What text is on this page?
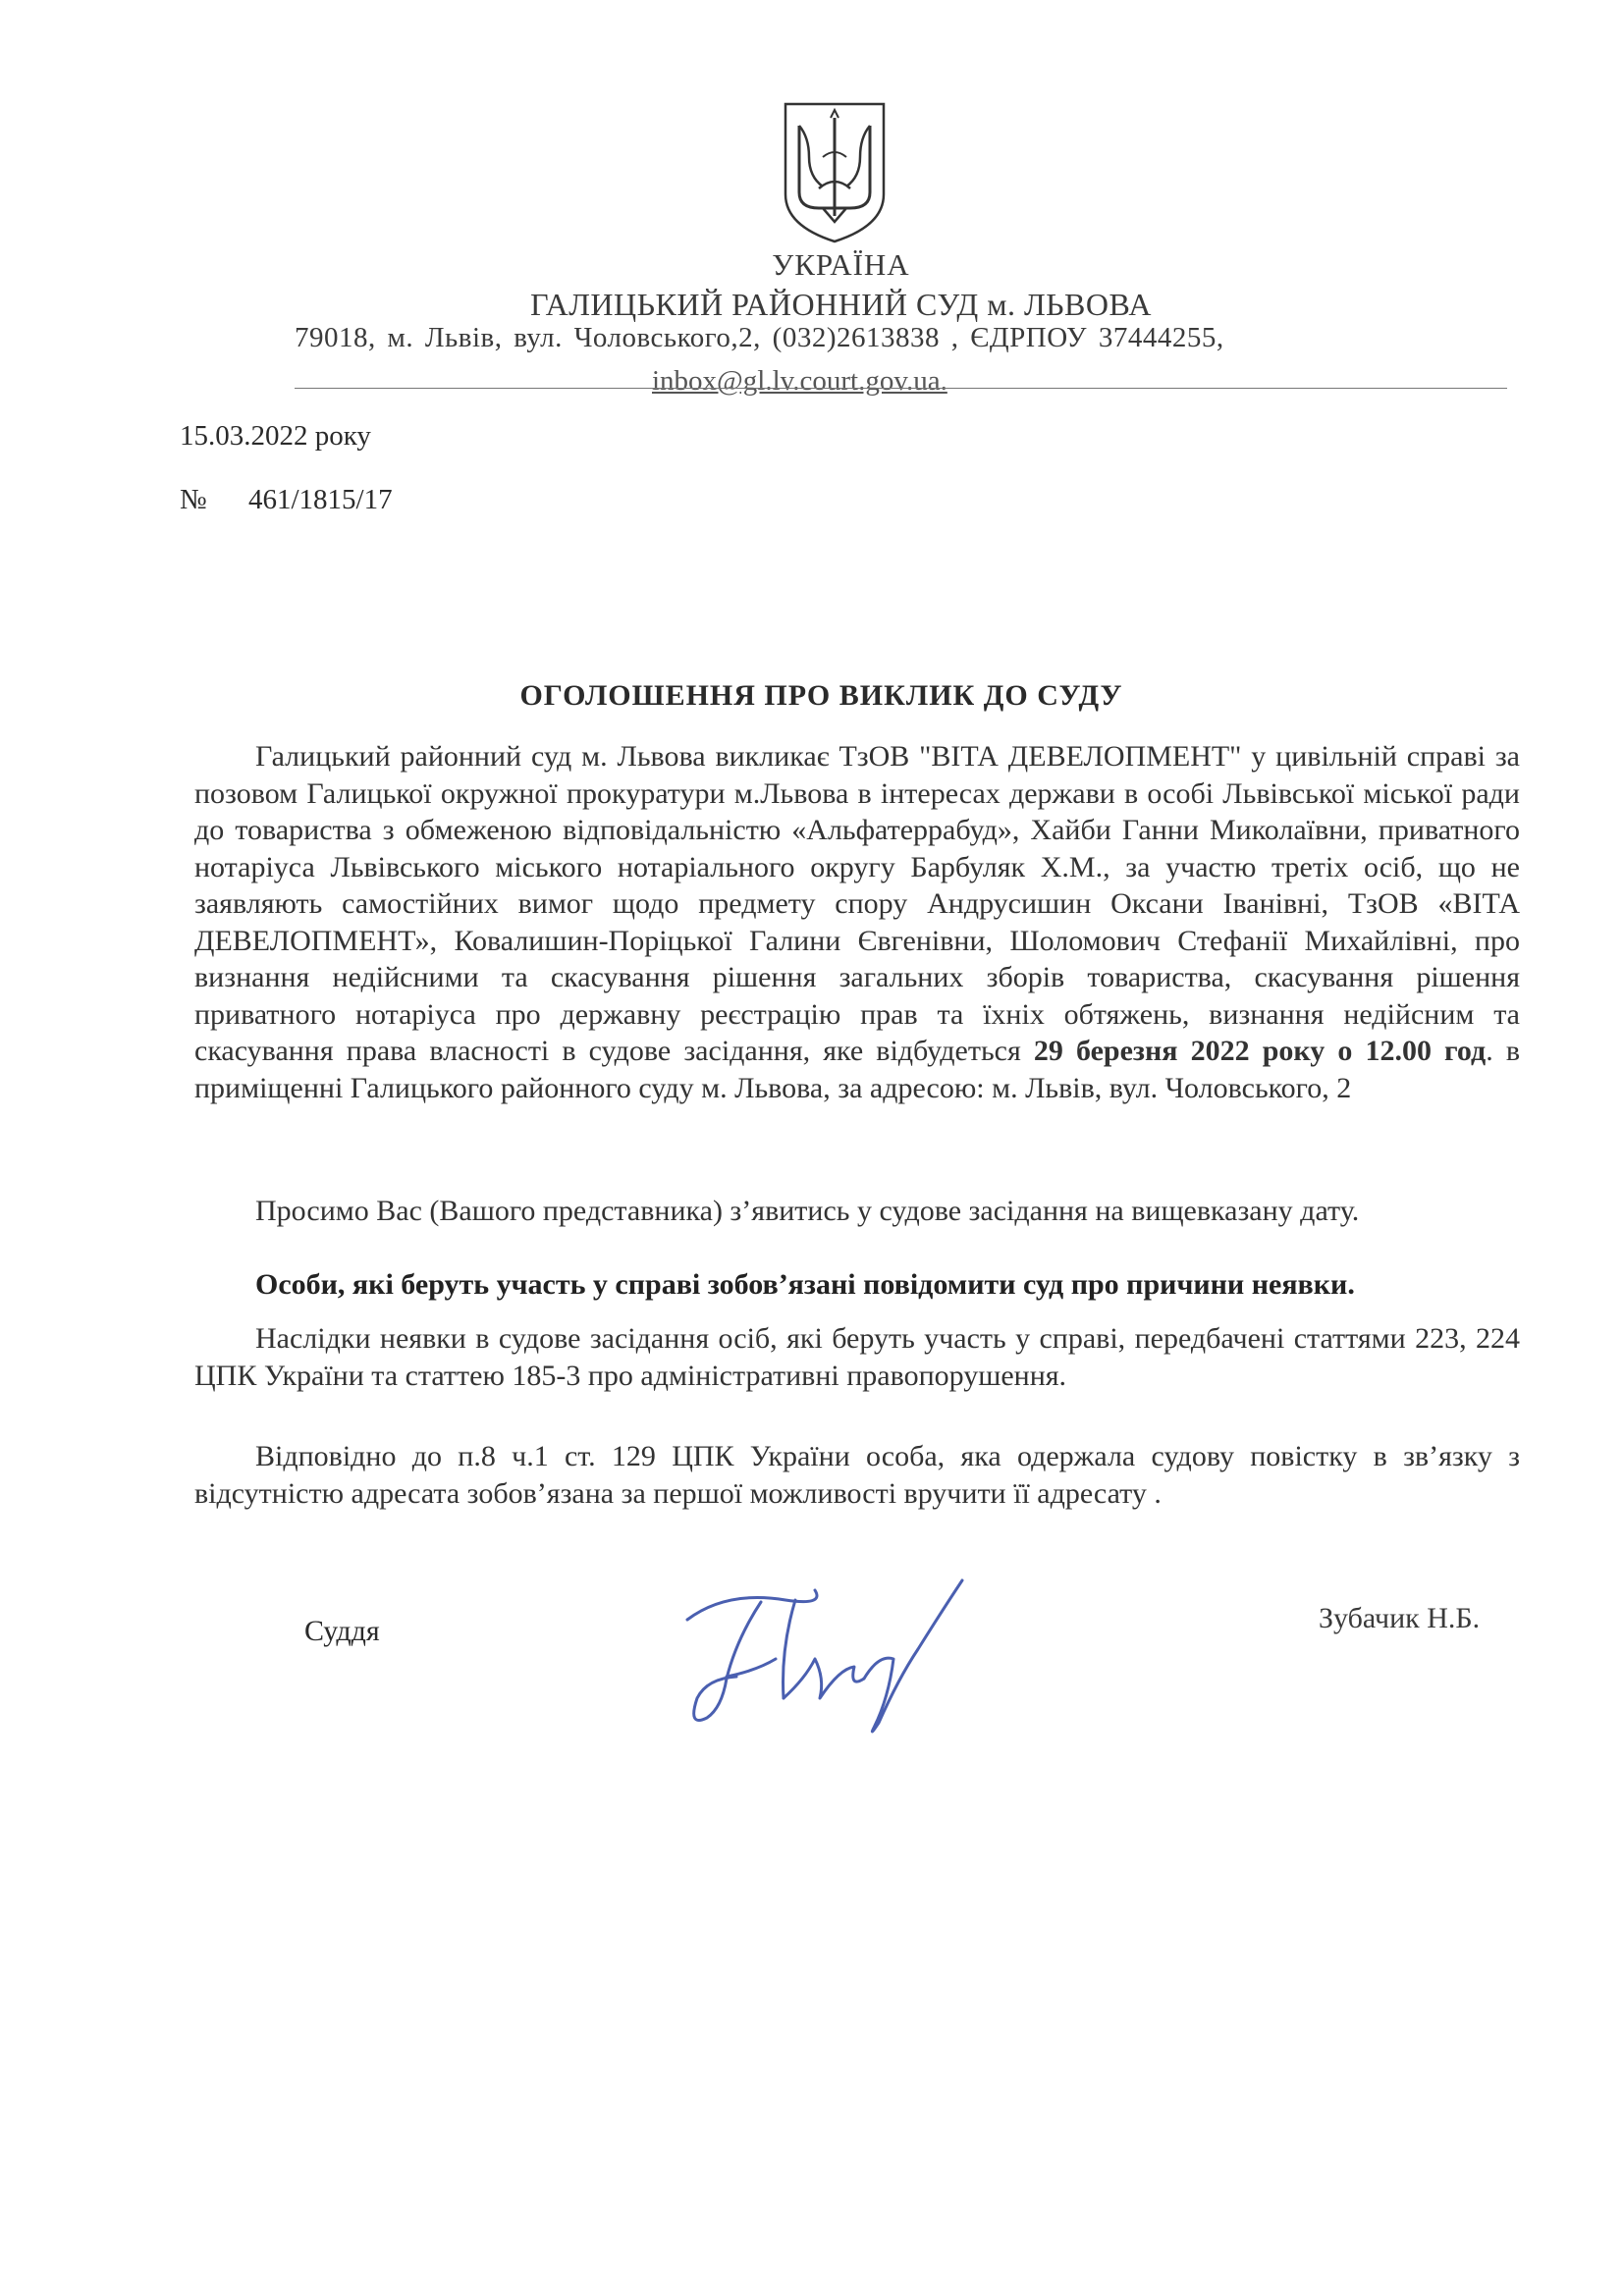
УКРАЇНА
ГАЛИЦЬКИЙ РАЙОННИЙ СУД м. ЛЬВОВА
79018, м. Львів, вул. Чоловського,2, (032)2613838 , ЄДРПОУ 37444255,
inbox@gl.lv.court.gov.ua.
15.03.2022 року
№ 461/1815/17
ОГОЛОШЕННЯ ПРО ВИКЛИК ДО СУДУ
Галицький районний суд м. Львова викликає ТзОВ "ВІТА ДЕВЕЛОПМЕНТ" у цивільній справі за позовом Галицької окружної прокуратури м.Львова в інтересах держави в особі Львівської міської ради до товариства з обмеженою відповідальністю «Альфатеррабуд», Хайби Ганни Миколаївни, приватного нотаріуса Львівського міського нотаріального округу Барбуляк Х.М., за участю третіх осіб, що не заявляють самостійних вимог щодо предмету спору Андрусишин Оксани Іванівні, ТзОВ «ВІТА ДЕВЕЛОПМЕНТ», Ковалишин-Порiцької Галини Євгенівни, Шоломович Стефанії Михайлівні, про визнання недійсними та скасування рішення загальних зборів товариства, скасування рішення приватного нотаріуса про державну реєстрацію прав та їхніх обтяжень, визнання недійсним та скасування права власності в судове засідання, яке відбудеться 29 березня 2022 року о 12.00 год. в приміщенні Галицького районного суду м. Львова, за адресою: м. Львів, вул. Чоловського, 2
Просимо Вас (Вашого представника) з’явитись у судове засідання на вищевказану дату.
Особи, які беруть участь у справі зобов’язані повідомити суд про причини неявки.
Наслідки неявки в судове засідання осіб, які беруть участь у справі, передбачені статтями 223, 224 ЦПК України та статтею 185-3 про адміністративні правопорушення.
Відповідно до п.8 ч.1 ст. 129 ЦПК України особа, яка одержала судову повістку в зв’язку з відсутністю адресата зобов’язана за першої можливості вручити її адресату .
Суддя	Зубачик Н.Б.
